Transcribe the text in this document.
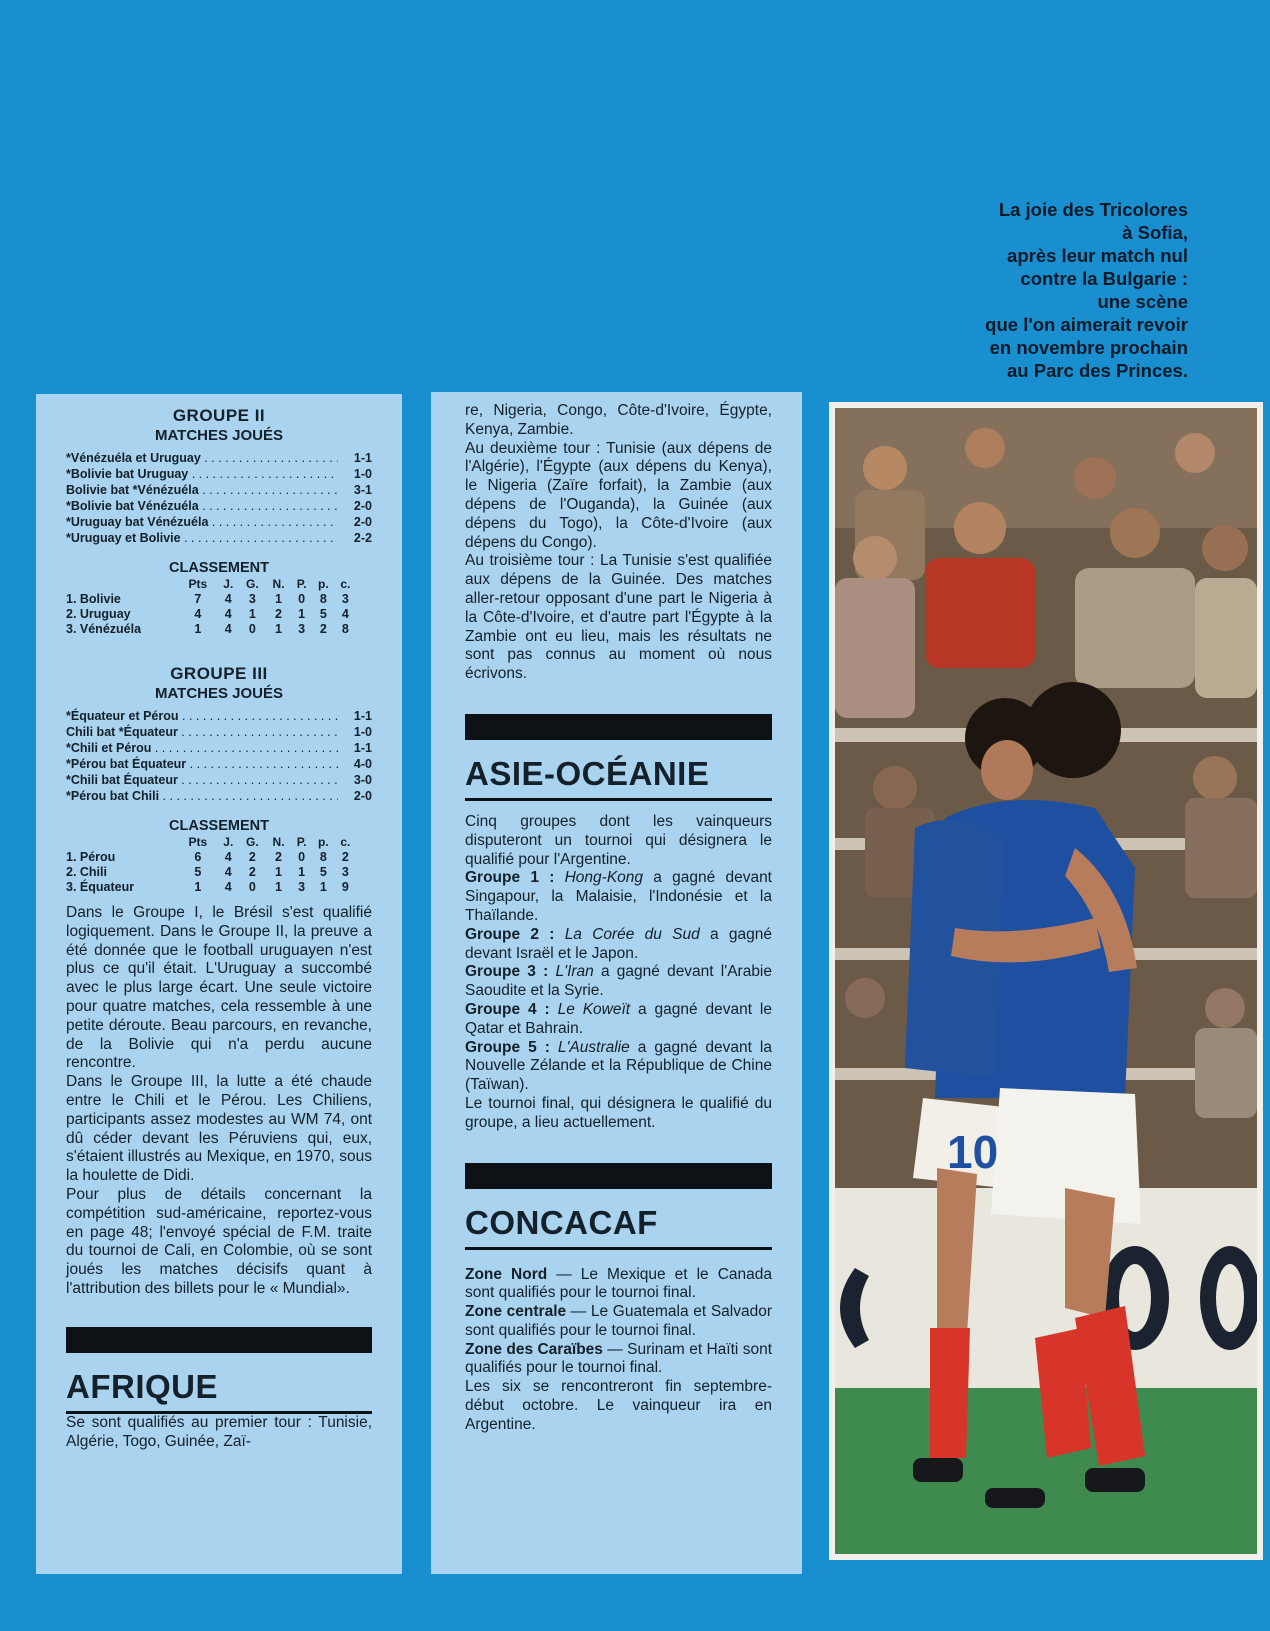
La joie des Tricolores
à Sofia,
après leur match nul
contre la Bulgarie :
une scène
que l'on aimerait revoir
en novembre prochain
au Parc des Princes.
GROUPE II
MATCHES JOUÉS
*Vénézuéla et Uruguay . . .	1-1
*Bolivie bat Uruguay . . .	1-0
Bolivie bat *Vénézuéla . . .	3-1
*Bolivie bat Vénézuéla . . .	2-0
*Uruguay bat Vénézuéla . . .	2-0
*Uruguay et Bolivie . . .	2-2
CLASSEMENT
	Pts	J.	G.	N.	P.	p.	c.
1. Bolivie	7	4	3	1	0	8	3
2. Uruguay	4	4	1	2	1	5	4
3. Vénézuéla	1	4	0	1	3	2	8
GROUPE III
MATCHES JOUÉS
*Équateur et Pérou . . .	1-1
Chili bat *Équateur . . .	1-0
*Chili et Pérou . . .	1-1
*Pérou bat Équateur . . .	4-0
*Chili bat Équateur . . .	3-0
*Pérou bat Chili . . .	2-0
CLASSEMENT
	Pts	J.	G.	N.	P.	p.	c.
1. Pérou	6	4	2	2	0	8	2
2. Chili	5	4	2	1	1	5	3
3. Équateur	1	4	0	1	3	1	9

Dans le Groupe I, le Brésil s'est qualifié logiquement. Dans le Groupe II, la preuve a été donnée que le football uruguayen n'est plus ce qu'il était. L'Uruguay a succombé avec le plus large écart. Une seule victoire pour quatre matches, cela ressemble à une petite déroute. Beau parcours, en revanche, de la Bolivie qui n'a perdu aucune rencontre.

Dans le Groupe III, la lutte a été chaude entre le Chili et le Pérou. Les Chiliens, participants assez modestes au WM 74, ont dû céder devant les Péruviens qui, eux, s'étaient illustrés au Mexique, en 1970, sous la houlette de Didi.

Pour plus de détails concernant la compétition sud-américaine, reportez-vous en page 48; l'envoyé spécial de F.M. traite du tournoi de Cali, en Colombie, où se sont joués les matches décisifs quant à l'attribution des billets pour le « Mundial».

AFRIQUE

Se sont qualifiés au premier tour : Tunisie, Algérie, Togo, Guinée, Zaï-

re, Nigeria, Congo, Côte-d'Ivoire, Égypte, Kenya, Zambie.

Au deuxième tour : Tunisie (aux dépens de l'Algérie), l'Égypte (aux dépens du Kenya), le Nigeria (Zaïre forfait), la Zambie (aux dépens de l'Ouganda), la Guinée (aux dépens du Togo), la Côte-d'Ivoire (aux dépens du Congo).

Au troisième tour : La Tunisie s'est qualifiée aux dépens de la Guinée. Des matches aller-retour opposant d'une part le Nigeria à la Côte-d'Ivoire, et d'autre part l'Égypte à la Zambie ont eu lieu, mais les résultats ne sont pas connus au moment où nous écrivons.

ASIE-OCÉANIE

Cinq groupes dont les vainqueurs disputeront un tournoi qui désignera le qualifié pour l'Argentine.

Groupe 1 : Hong-Kong a gagné devant Singapour, la Malaisie, l'Indonésie et la Thaïlande.

Groupe 2 : La Corée du Sud a gagné devant Israël et le Japon.

Groupe 3 : L'Iran a gagné devant l'Arabie Saoudite et la Syrie.

Groupe 4 : Le Koweït a gagné devant le Qatar et Bahrain.

Groupe 5 : L'Australie a gagné devant la Nouvelle Zélande et la République de Chine (Taïwan).

Le tournoi final, qui désignera le qualifié du groupe, a lieu actuellement.

CONCACAF

Zone Nord — Le Mexique et le Canada sont qualifiés pour le tournoi final.

Zone centrale — Le Guatemala et Salvador sont qualifiés pour le tournoi final.

Zone des Caraïbes — Surinam et Haïti sont qualifiés pour le tournoi final.

Les six se rencontreront fin septembre-début octobre. Le vainqueur ira en Argentine.

10
